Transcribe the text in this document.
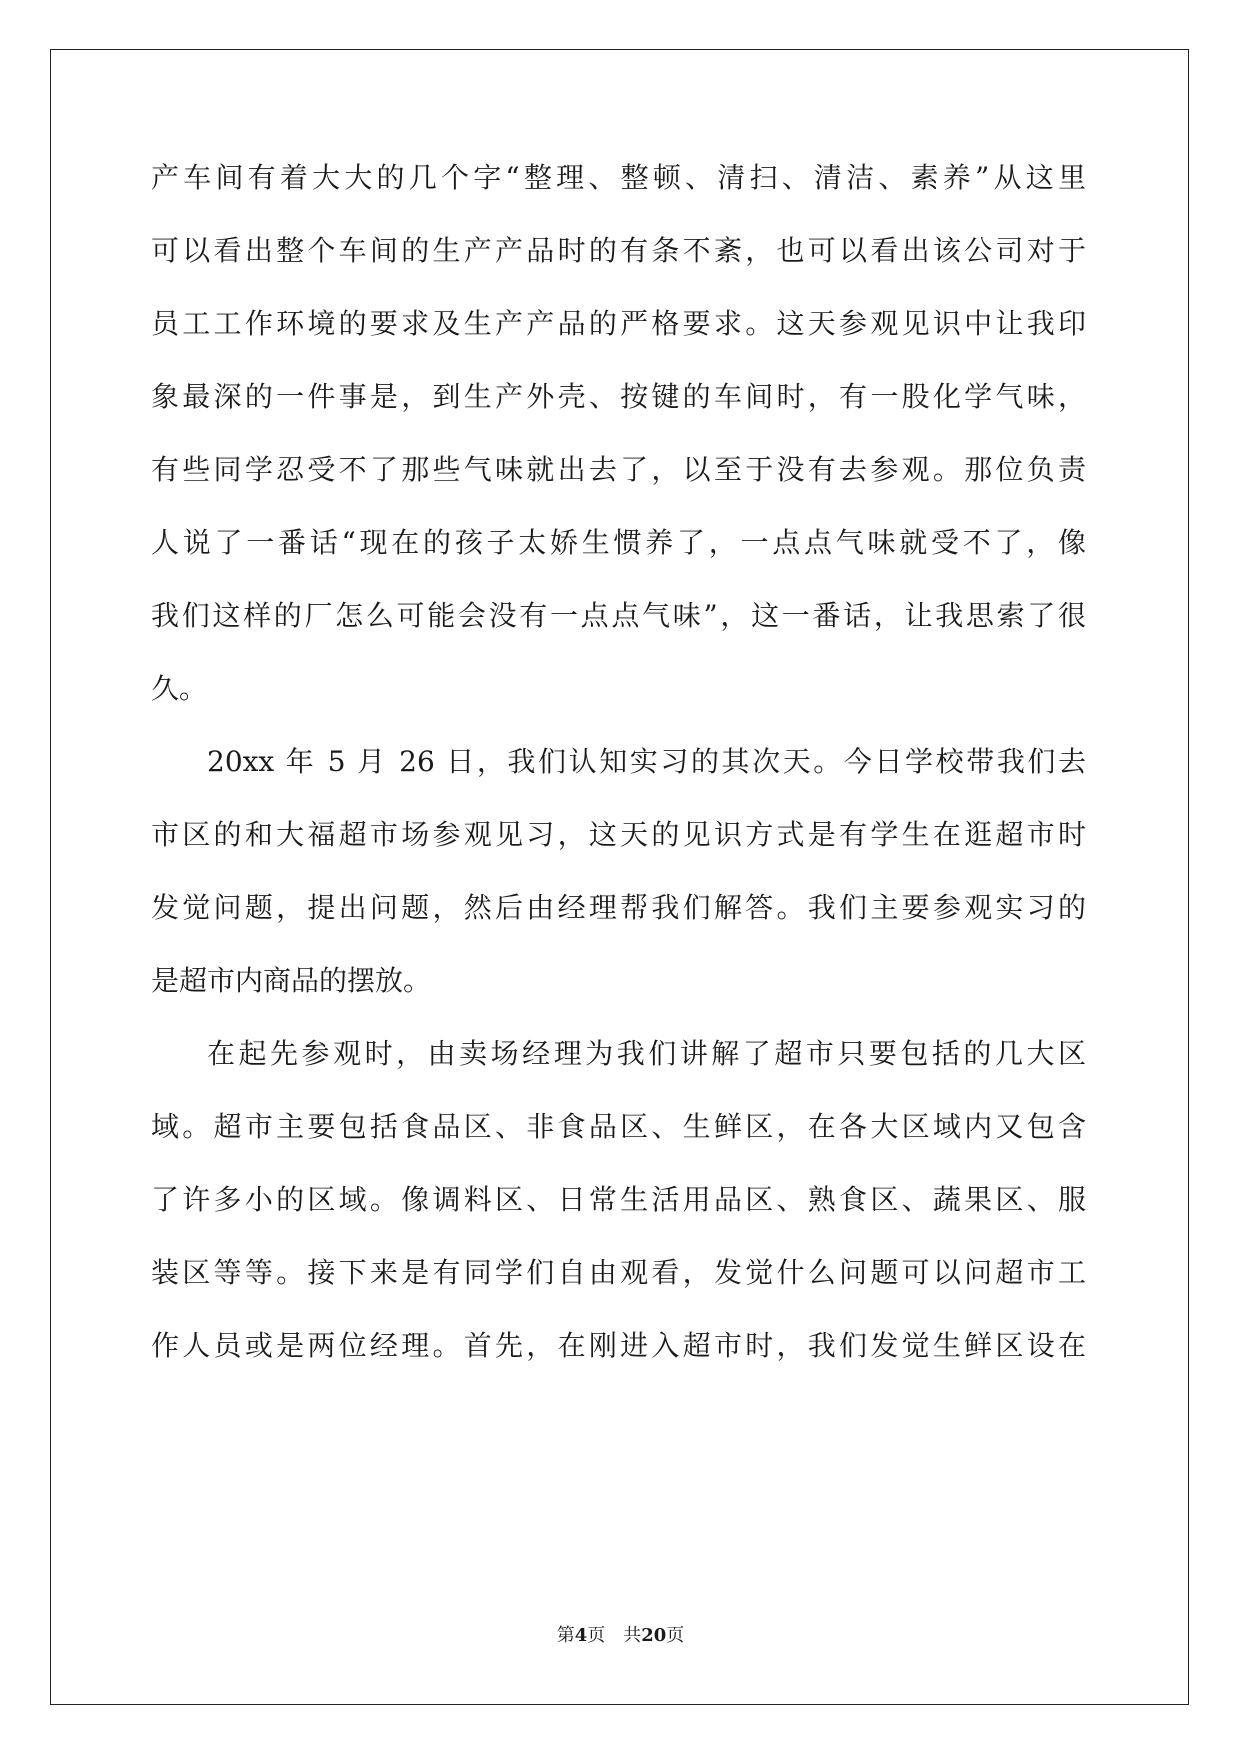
产车间有着大大的几个字“整理、整顿、清扫、清洁、素养”从这里
可以看出整个车间的生产产品时的有条不紊，也可以看出该公司对于
员工工作环境的要求及生产产品的严格要求。这天参观见识中让我印
象最深的一件事是，到生产外壳、按键的车间时，有一股化学气味，
有些同学忍受不了那些气味就出去了，以至于没有去参观。那位负责
人说了一番话“现在的孩子太娇生惯养了，一点点气味就受不了，像
我们这样的厂怎么可能会没有一点点气味”，这一番话，让我思索了很
久。
20xx 年 5 月 26 日，我们认知实习的其次天。今日学校带我们去
市区的和大福超市场参观见习，这天的见识方式是有学生在逛超市时
发觉问题，提出问题，然后由经理帮我们解答。我们主要参观实习的
是超市内商品的摆放。
在起先参观时，由卖场经理为我们讲解了超市只要包括的几大区
域。超市主要包括食品区、非食品区、生鲜区，在各大区域内又包含
了许多小的区域。像调料区、日常生活用品区、熟食区、蔬果区、服
装区等等。接下来是有同学们自由观看，发觉什么问题可以问超市工
作人员或是两位经理。首先，在刚进入超市时，我们发觉生鲜区设在
第4页 共20页
